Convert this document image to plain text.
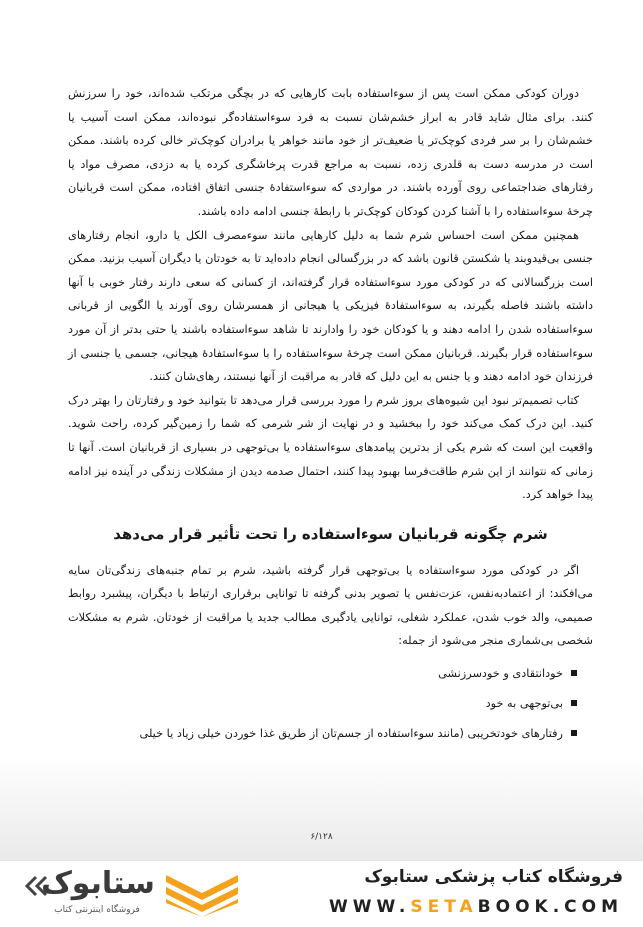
دوران کودکی ممکن است پس از سوءاستفاده بابت کارهایی که در بچگی مرتکب شده‌اند، خود را سرزنش کنند. برای مثال شاید قادر به ابراز خشم‌شان نسبت به فرد سوءاستفاده‌گر نبوده‌اند، ممکن است آسیب یا خشم‌شان را بر سر فردی کوچک‌تر یا ضعیف‌تر از خود مانند خواهر یا برادران کوچک‌تر خالی کرده باشند. ممکن است در مدرسه دست به قلدری زده، نسبت به مراجع قدرت پرخاشگری کرده یا به دزدی، مصرف مواد یا رفتارهای ضداجتماعی روی آورده باشند. در مواردی که سوءاستفادهٔ جنسی اتفاق افتاده، ممکن است قربانیان چرخهٔ سوءاستفاده را با آشنا کردن کودکان کوچک‌تر با رابطهٔ جنسی ادامه داده باشند.

همچنین ممکن است احساس شرم شما به دلیل کارهایی مانند سوءمصرف الکل یا دارو، انجام رفتارهای جنسی بی‌قیدوبند یا شکستن قانون باشد که در بزرگسالی انجام داده‌اید تا به خودتان یا دیگران آسیب بزنید. ممکن است بزرگسالانی که در کودکی مورد سوءاستفاده قرار گرفته‌اند، از کسانی که سعی دارند رفتار خوبی با آنها داشته باشند فاصله بگیرند، به سوءاستفادهٔ فیزیکی یا هیجانی از همسرشان روی آورند یا الگویی از قربانی سوءاستفاده شدن را ادامه دهند و یا کودکان خود را وادارند تا شاهد سوءاستفاده باشند یا حتی بدتر از آن مورد سوءاستفاده قرار بگیرند. قربانیان ممکن است چرخهٔ سوءاستفاده را با سوءاستفادهٔ هیجانی، جسمی یا جنسی از فرزندان خود ادامه دهند و یا جنس به این دلیل که قادر به مراقبت از آنها نیستند، رهای‌شان کنند.

کتاب تصمیم‌تر نبود این شیوه‌های بروز شرم را مورد بررسی قرار می‌دهد تا بتوانید خود و رفتارتان را بهتر درک کنید. این درک کمک می‌کند خود را ببخشید و در نهایت از شر شرمی که شما را زمین‌گیر کرده، راحت شوید. واقعیت این است که شرم یکی از بدترین پیامدهای سوءاستفاده یا بی‌توجهی در بسیاری از قربانیان است. آنها تا زمانی که نتوانند از این شرم طاقت‌فرسا بهبود پیدا کنند، احتمال صدمه دیدن از مشکلات زندگی در آینده نیز ادامه پیدا خواهد کرد.

شرم چگونه قربانیان سوءاستفاده را تحت تأثیر قرار می‌دهد

اگر در کودکی مورد سوءاستفاده یا بی‌توجهی قرار گرفته باشید، شرم بر تمام جنبه‌های زندگی‌تان سایه می‌افکند: از اعتمادبه‌نفس، عزت‌نفس یا تصویر بدنی گرفته تا توانایی برقراری ارتباط با دیگران، پیشبرد روابط صمیمی، والد خوب شدن، عملکرد شغلی، توانایی یادگیری مطالب جدید یا مراقبت از خودتان. شرم به مشکلات شخصی بی‌شماری منجر می‌شود از جمله:

خودانتقادی و خودسرزنشی
بی‌توجهی به خود
رفتارهای خودتخریبی (مانند سوءاستفاده از جسم‌تان از طریق غذا خوردن خیلی زیاد یا خیلی
۶/۱۲۸
ستابوک
فروشگاه اینترنتی کتاب
فروشگاه کتاب پزشکی ستابوک
WWW.SETABOOK.COM
